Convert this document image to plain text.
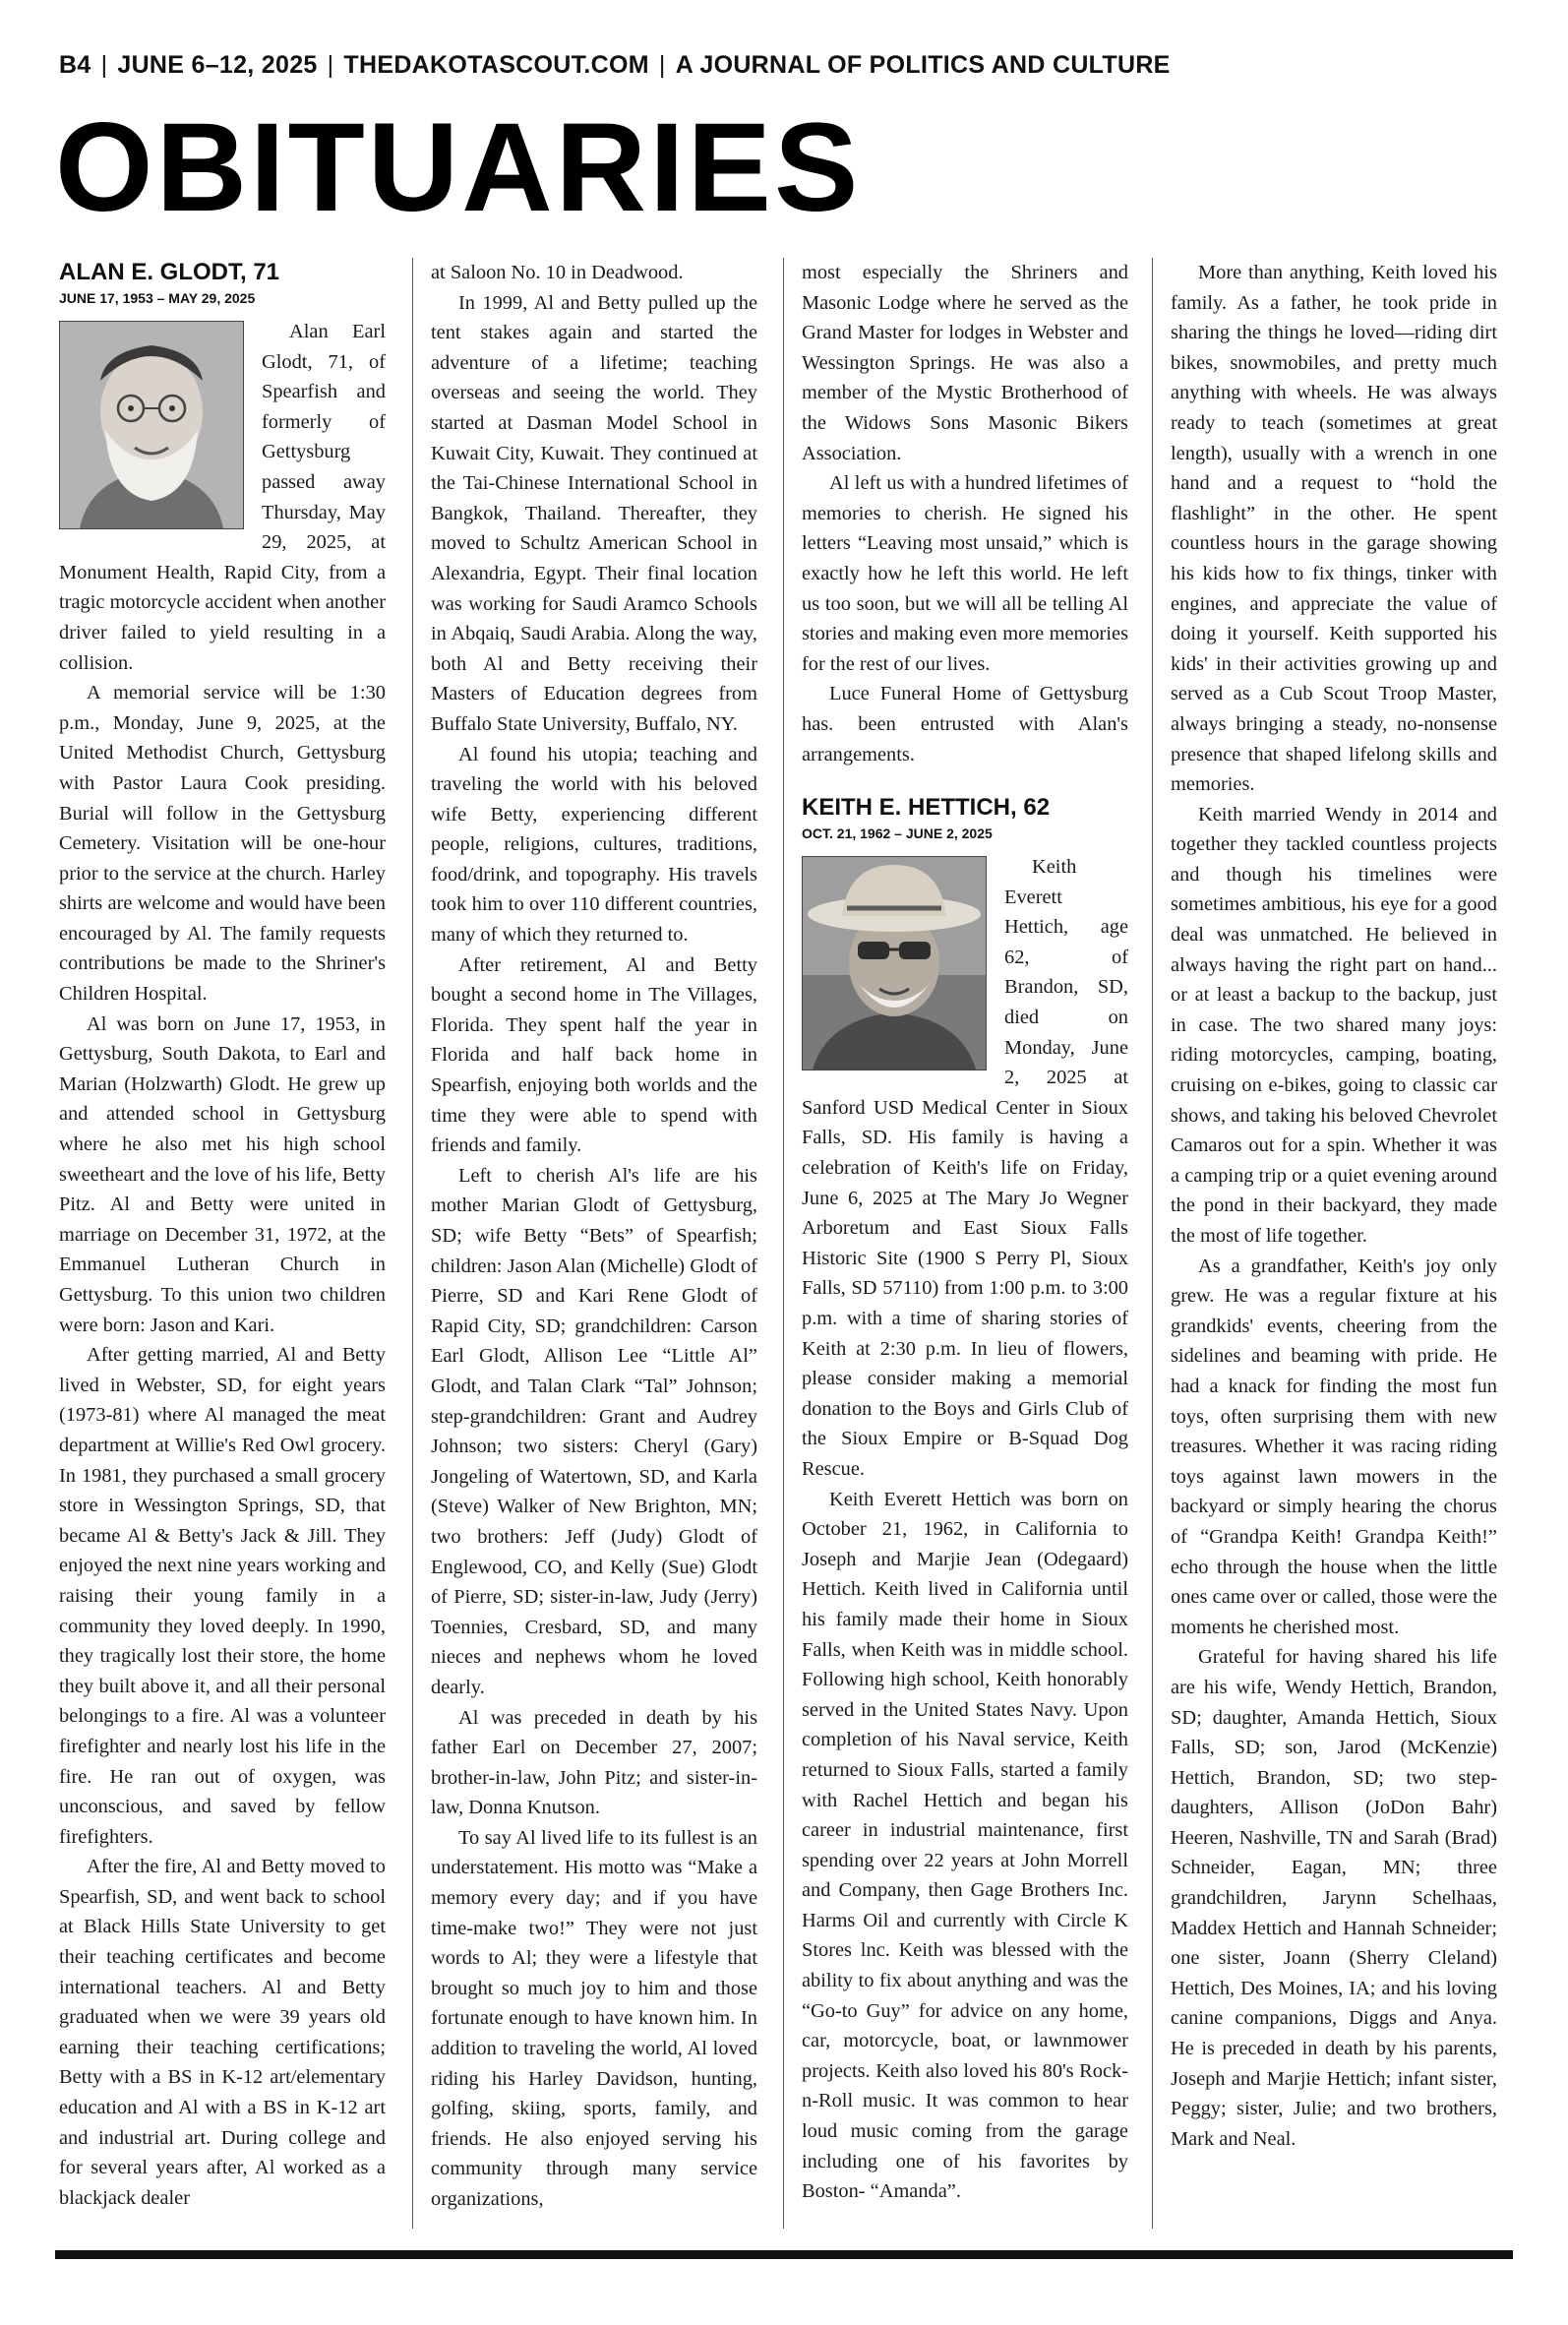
B4 | JUNE 6–12, 2025 | THEDAKOTASCOUT.COM | A JOURNAL OF POLITICS AND CULTURE
OBITUARIES
ALAN E. GLODT, 71
JUNE 17, 1953 – MAY 29, 2025

Alan Earl Glodt, 71, of Spearfish and formerly of Gettysburg passed away Thursday, May 29, 2025, at Monument Health, Rapid City, from a tragic motorcycle accident when another driver failed to yield resulting in a collision.

A memorial service will be 1:30 p.m., Monday, June 9, 2025, at the United Methodist Church, Gettysburg with Pastor Laura Cook presiding. Burial will follow in the Gettysburg Cemetery. Visitation will be one-hour prior to the service at the church. Harley shirts are welcome and would have been encouraged by Al. The family requests contributions be made to the Shriner's Children Hospital.

Al was born on June 17, 1953, in Gettysburg, South Dakota, to Earl and Marian (Holzwarth) Glodt. He grew up and attended school in Gettysburg where he also met his high school sweetheart and the love of his life, Betty Pitz. Al and Betty were united in marriage on December 31, 1972, at the Emmanuel Lutheran Church in Gettysburg. To this union two children were born: Jason and Kari.

After getting married, Al and Betty lived in Webster, SD, for eight years (1973-81) where Al managed the meat department at Willie's Red Owl grocery. In 1981, they purchased a small grocery store in Wessington Springs, SD, that became Al & Betty's Jack & Jill. They enjoyed the next nine years working and raising their young family in a community they loved deeply. In 1990, they tragically lost their store, the home they built above it, and all their personal belongings to a fire. Al was a volunteer firefighter and nearly lost his life in the fire. He ran out of oxygen, was unconscious, and saved by fellow firefighters.

After the fire, Al and Betty moved to Spearfish, SD, and went back to school at Black Hills State University to get their teaching certificates and become international teachers. Al and Betty graduated when we were 39 years old earning their teaching certifications; Betty with a BS in K-12 art/elementary education and Al with a BS in K-12 art and industrial art. During college and for several years after, Al worked as a blackjack dealer

at Saloon No. 10 in Deadwood.

In 1999, Al and Betty pulled up the tent stakes again and started the adventure of a lifetime; teaching overseas and seeing the world. They started at Dasman Model School in Kuwait City, Kuwait. They continued at the Tai-Chinese International School in Bangkok, Thailand. Thereafter, they moved to Schultz American School in Alexandria, Egypt. Their final location was working for Saudi Aramco Schools in Abqaiq, Saudi Arabia. Along the way, both Al and Betty receiving their Masters of Education degrees from Buffalo State University, Buffalo, NY.

Al found his utopia; teaching and traveling the world with his beloved wife Betty, experiencing different people, religions, cultures, traditions, food/drink, and topography. His travels took him to over 110 different countries, many of which they returned to.

After retirement, Al and Betty bought a second home in The Villages, Florida. They spent half the year in Florida and half back home in Spearfish, enjoying both worlds and the time they were able to spend with friends and family.

Left to cherish Al's life are his mother Marian Glodt of Gettysburg, SD; wife Betty “Bets” of Spearfish; children: Jason Alan (Michelle) Glodt of Pierre, SD and Kari Rene Glodt of Rapid City, SD; grandchildren: Carson Earl Glodt, Allison Lee “Little Al” Glodt, and Talan Clark “Tal” Johnson; step-grandchildren: Grant and Audrey Johnson; two sisters: Cheryl (Gary) Jongeling of Watertown, SD, and Karla (Steve) Walker of New Brighton, MN; two brothers: Jeff (Judy) Glodt of Englewood, CO, and Kelly (Sue) Glodt of Pierre, SD; sister-in-law, Judy (Jerry) Toennies, Cresbard, SD, and many nieces and nephews whom he loved dearly.

Al was preceded in death by his father Earl on December 27, 2007; brother-in-law, John Pitz; and sister-in-law, Donna Knutson.

To say Al lived life to its fullest is an understatement. His motto was “Make a memory every day; and if you have time-make two!” They were not just words to Al; they were a lifestyle that brought so much joy to him and those fortunate enough to have known him. In addition to traveling the world, Al loved riding his Harley Davidson, hunting, golfing, skiing, sports, family, and friends. He also enjoyed serving his community through many service organizations,

most especially the Shriners and Masonic Lodge where he served as the Grand Master for lodges in Webster and Wessington Springs. He was also a member of the Mystic Brotherhood of the Widows Sons Masonic Bikers Association.

Al left us with a hundred lifetimes of memories to cherish. He signed his letters “Leaving most unsaid,” which is exactly how he left this world. He left us too soon, but we will all be telling Al stories and making even more memories for the rest of our lives.

Luce Funeral Home of Gettysburg has. been entrusted with Alan's arrangements.

KEITH E. HETTICH, 62
OCT. 21, 1962 – JUNE 2, 2025

Keith Everett Hettich, age 62, of Brandon, SD, died on Monday, June 2, 2025 at Sanford USD Medical Center in Sioux Falls, SD. His family is having a celebration of Keith's life on Friday, June 6, 2025 at The Mary Jo Wegner Arboretum and East Sioux Falls Historic Site (1900 S Perry Pl, Sioux Falls, SD 57110) from 1:00 p.m. to 3:00 p.m. with a time of sharing stories of Keith at 2:30 p.m. In lieu of flowers, please consider making a memorial donation to the Boys and Girls Club of the Sioux Empire or B-Squad Dog Rescue.

Keith Everett Hettich was born on October 21, 1962, in California to Joseph and Marjie Jean (Odegaard) Hettich. Keith lived in California until his family made their home in Sioux Falls, when Keith was in middle school. Following high school, Keith honorably served in the United States Navy. Upon completion of his Naval service, Keith returned to Sioux Falls, started a family with Rachel Hettich and began his career in industrial maintenance, first spending over 22 years at John Morrell and Company, then Gage Brothers Inc. Harms Oil and currently with Circle K Stores lnc. Keith was blessed with the ability to fix about anything and was the “Go-to Guy” for advice on any home, car, motorcycle, boat, or lawnmower projects. Keith also loved his 80's Rock-n-Roll music. It was common to hear loud music coming from the garage including one of his favorites by Boston- “Amanda”.

More than anything, Keith loved his family. As a father, he took pride in sharing the things he loved—riding dirt bikes, snowmobiles, and pretty much anything with wheels. He was always ready to teach (sometimes at great length), usually with a wrench in one hand and a request to “hold the flashlight” in the other. He spent countless hours in the garage showing his kids how to fix things, tinker with engines, and appreciate the value of doing it yourself. Keith supported his kids' in their activities growing up and served as a Cub Scout Troop Master, always bringing a steady, no-nonsense presence that shaped lifelong skills and memories.

Keith married Wendy in 2014 and together they tackled countless projects and though his timelines were sometimes ambitious, his eye for a good deal was unmatched. He believed in always having the right part on hand... or at least a backup to the backup, just in case. The two shared many joys: riding motorcycles, camping, boating, cruising on e-bikes, going to classic car shows, and taking his beloved Chevrolet Camaros out for a spin. Whether it was a camping trip or a quiet evening around the pond in their backyard, they made the most of life together.

As a grandfather, Keith's joy only grew. He was a regular fixture at his grandkids' events, cheering from the sidelines and beaming with pride. He had a knack for finding the most fun toys, often surprising them with new treasures. Whether it was racing riding toys against lawn mowers in the backyard or simply hearing the chorus of “Grandpa Keith! Grandpa Keith!” echo through the house when the little ones came over or called, those were the moments he cherished most.

Grateful for having shared his life are his wife, Wendy Hettich, Brandon, SD; daughter, Amanda Hettich, Sioux Falls, SD; son, Jarod (McKenzie) Hettich, Brandon, SD; two step-daughters, Allison (JoDon Bahr) Heeren, Nashville, TN and Sarah (Brad) Schneider, Eagan, MN; three grandchildren, Jarynn Schelhaas, Maddex Hettich and Hannah Schneider; one sister, Joann (Sherry Cleland) Hettich, Des Moines, IA; and his loving canine companions, Diggs and Anya. He is preceded in death by his parents, Joseph and Marjie Hettich; infant sister, Peggy; sister, Julie; and two brothers, Mark and Neal.
